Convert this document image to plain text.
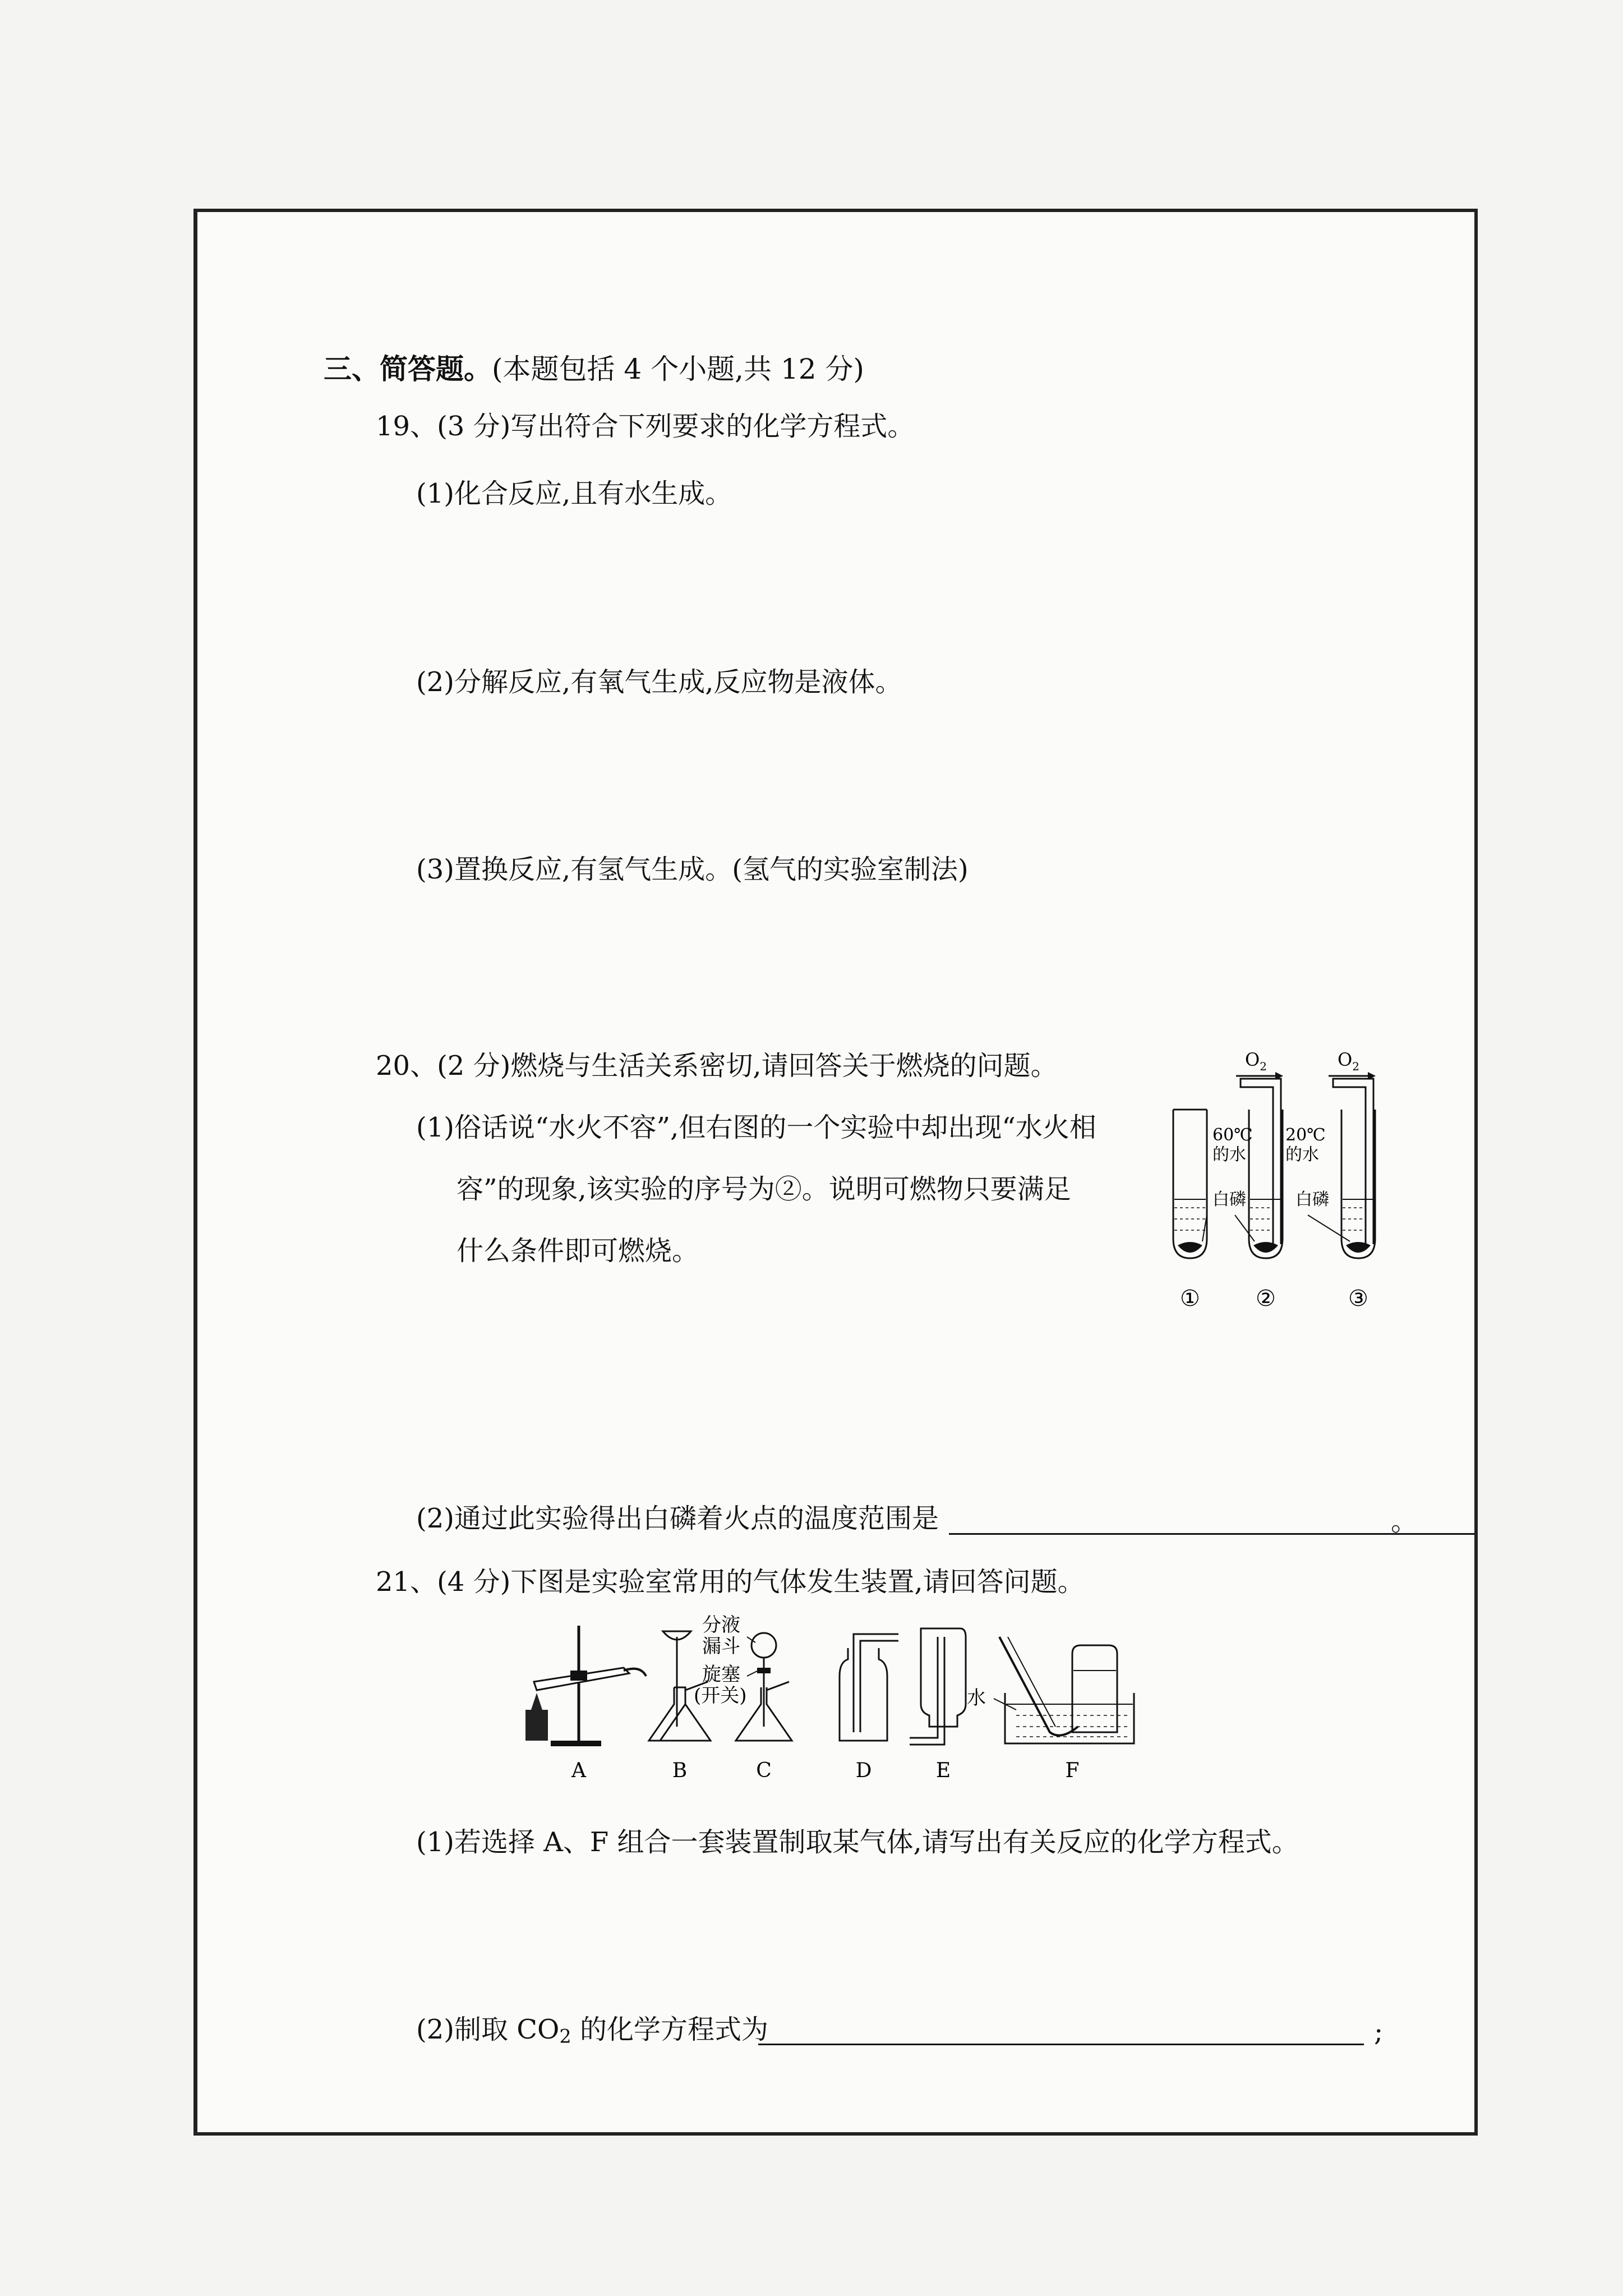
三、简答题。(本题包括 4 个小题,共 12 分)
19、(3 分)写出符合下列要求的化学方程式。
(1)化合反应,且有水生成。
(2)分解反应,有氧气生成,反应物是液体。
(3)置换反应,有氢气生成。(氢气的实验室制法)
20、(2 分)燃烧与生活关系密切,请回答关于燃烧的问题。
(1)俗话说“水火不容”,但右图的一个实验中却出现“水火相
容”的现象,该实验的序号为②。说明可燃物只要满足
什么条件即可燃烧。
$O_2$	$O_2$
60℃
的水
20℃
的水
白磷	白磷
① ②	③
(2)通过此实验得出白磷着火点的温度范围是	。
21、(4 分)下图是实验室常用的气体发生装置,请回答问题。
分液
漏斗
旋塞
(开关)	水
A	B	C	D	E	F
(1)若选择 A、F 组合一套装置制取某气体,请写出有关反应的化学方程式。
(2)制取 CO2 的化学方程式为	;
